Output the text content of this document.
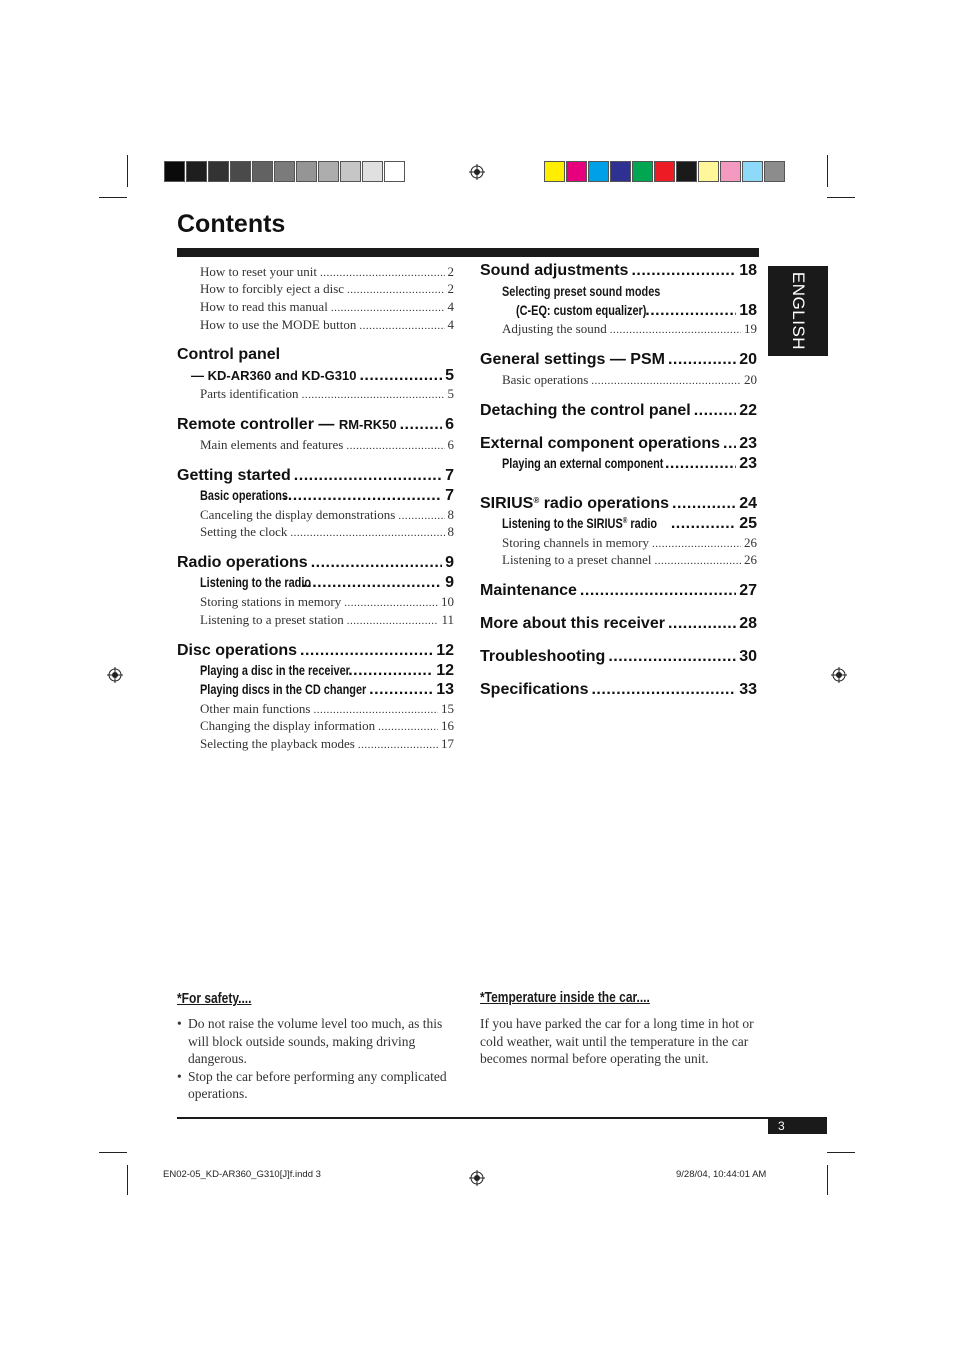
Contents
ENGLISH
How to reset your unit .....	2
How to forcibly eject a disc .....	2
How to read this manual .....	4
How to use the MODE button .....	4
Control panel
— KD-AR360 and KD-G310 .....	5
Parts identification .....	5
Remote controller —
RM-RK50 .....	6
Main elements and features .....	6
Getting started .....	7
Basic operations .....	7
Canceling the display demonstrations .....	8
Setting the clock .....	8
Radio operations .....	9
Listening to the radio .....	9
Storing stations in memory .....	10
Listening to a preset station .....	11
Disc operations .....	12
Playing a disc in the receiver .....	12
Playing discs in the CD changer .....	13
Other main functions .....	15
Changing the display information .....	16
Selecting the playback modes .....	17
Sound adjustments .....	18
Selecting preset sound modes
(C-EQ: custom equalizer) .....	18
Adjusting the sound .....	19
General settings — PSM .....	20
Basic operations .....	20
Detaching the control panel .....	22
External component operations ..... 23
Playing an external component .....	23
SIRIUS® radio operations .....	24
Listening to the SIRIUS® radio .....	25
Storing channels in memory .....	26
Listening to a preset channel .....	26
Maintenance .....	27
More about this receiver .....	28
Troubleshooting .....	30
Specifications .....	33
*For safety....
• Do not raise the volume level too much, as this will block outside sounds, making driving dangerous.
• Stop the car before performing any complicated operations.
*Temperature inside the car....
If you have parked the car for a long time in hot or cold weather, wait until the temperature in the car becomes normal before operating the unit.
3
EN02-05_KD-AR360_G310[J]f.indd 3	9/28/04, 10:44:01 AM
